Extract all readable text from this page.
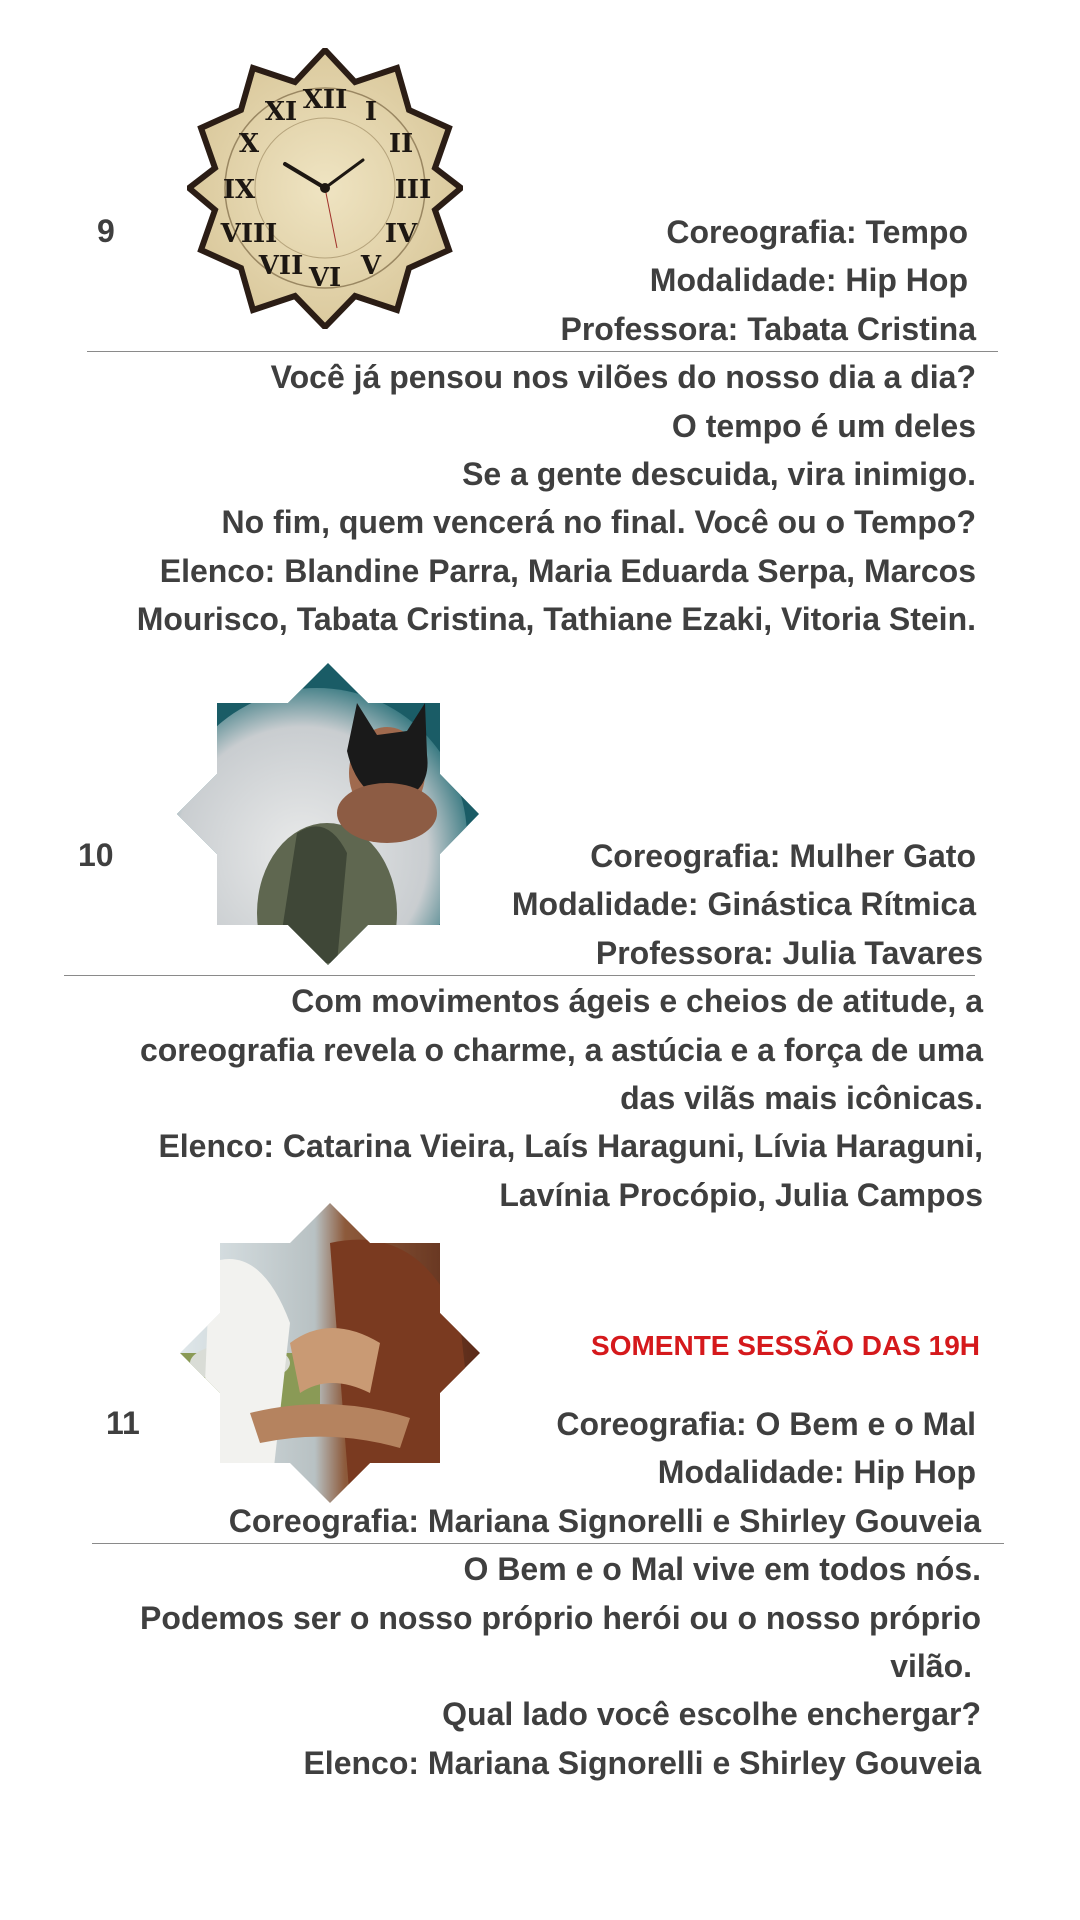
9
XII I
II
III
IV
V
VI
VII
VIII
IX
X
XI
Coreografia: Tempo
Modalidade: Hip Hop
Professora: Tabata Cristina
Você já pensou nos vilões do nosso dia a dia?
O tempo é um deles
Se a gente descuida, vira inimigo.
No fim, quem vencerá no final. Você ou o Tempo?
Elenco: Blandine Parra, Maria Eduarda Serpa, Marcos
Mourisco, Tabata Cristina, Tathiane Ezaki, Vitoria Stein.
10	Coreografia: Mulher Gato
Modalidade: Ginástica Rítmica
Professora: Julia Tavares
Com movimentos ágeis e cheios de atitude, a
coreografia revela o charme, a astúcia e a força de uma
das vilãs mais icônicas.
Elenco: Catarina Vieira, Laís Haraguni, Lívia Haraguni,
Lavínia Procópio, Julia Campos
11
SOMENTE SESSÃO DAS 19H
Coreografia: O Bem e o Mal
Modalidade: Hip Hop
Coreografia: Mariana Signorelli e Shirley Gouveia
O Bem e o Mal vive em todos nós.
Podemos ser o nosso próprio herói ou o nosso próprio
vilão.
Qual lado você escolhe enchergar?
Elenco: Mariana Signorelli e Shirley Gouveia
